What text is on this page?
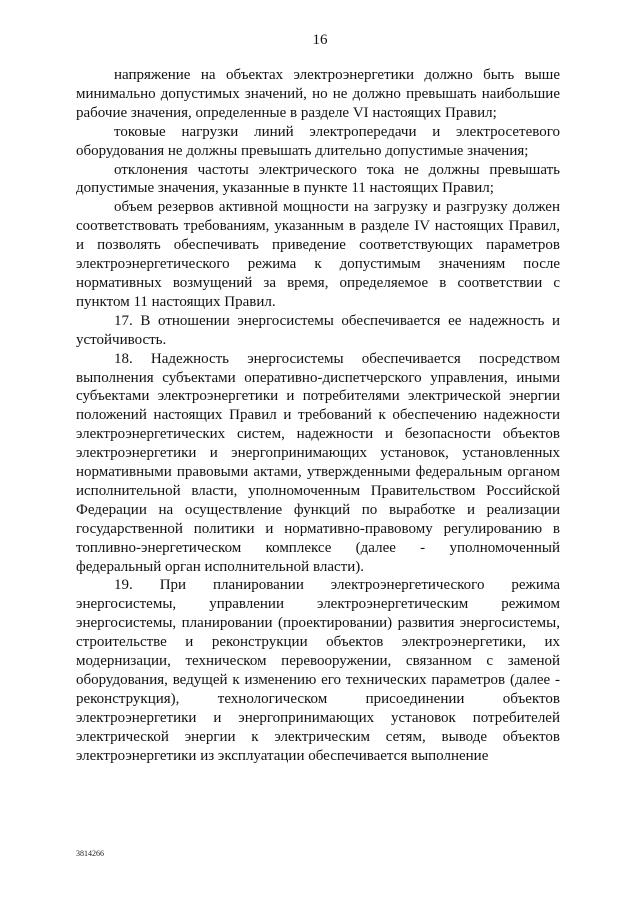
16

напряжение на объектах электроэнергетики должно быть выше минимально допустимых значений, но не должно превышать наибольшие рабочие значения, определенные в разделе VI настоящих Правил;

токовые нагрузки линий электропередачи и электросетевого оборудования не должны превышать длительно допустимые значения;

отклонения частоты электрического тока не должны превышать допустимые значения, указанные в пункте 11 настоящих Правил;

объем резервов активной мощности на загрузку и разгрузку должен соответствовать требованиям, указанным в разделе IV настоящих Правил, и позволять обеспечивать приведение соответствующих параметров электроэнергетического режима к допустимым значениям после нормативных возмущений за время, определяемое в соответствии с пунктом 11 настоящих Правил.

17. В отношении энергосистемы обеспечивается ее надежность и устойчивость.

18. Надежность энергосистемы обеспечивается посредством выполнения субъектами оперативно-диспетчерского управления, иными субъектами электроэнергетики и потребителями электрической энергии положений настоящих Правил и требований к обеспечению надежности электроэнергетических систем, надежности и безопасности объектов электроэнергетики и энергопринимающих установок, установленных нормативными правовыми актами, утвержденными федеральным органом исполнительной власти, уполномоченным Правительством Российской Федерации на осуществление функций по выработке и реализации государственной политики и нормативно-правовому регулированию в топливно-энергетическом комплексе (далее - уполномоченный федеральный орган исполнительной власти).

19. При планировании электроэнергетического режима энергосистемы, управлении электроэнергетическим режимом энергосистемы, планировании (проектировании) развития энергосистемы, строительстве и реконструкции объектов электроэнергетики, их модернизации, техническом перевооружении, связанном с заменой оборудования, ведущей к изменению его технических параметров (далее - реконструкция), технологическом присоединении объектов электроэнергетики и энергопринимающих установок потребителей электрической энергии к электрическим сетям, выводе объектов электроэнергетики из эксплуатации обеспечивается выполнение

3814266
